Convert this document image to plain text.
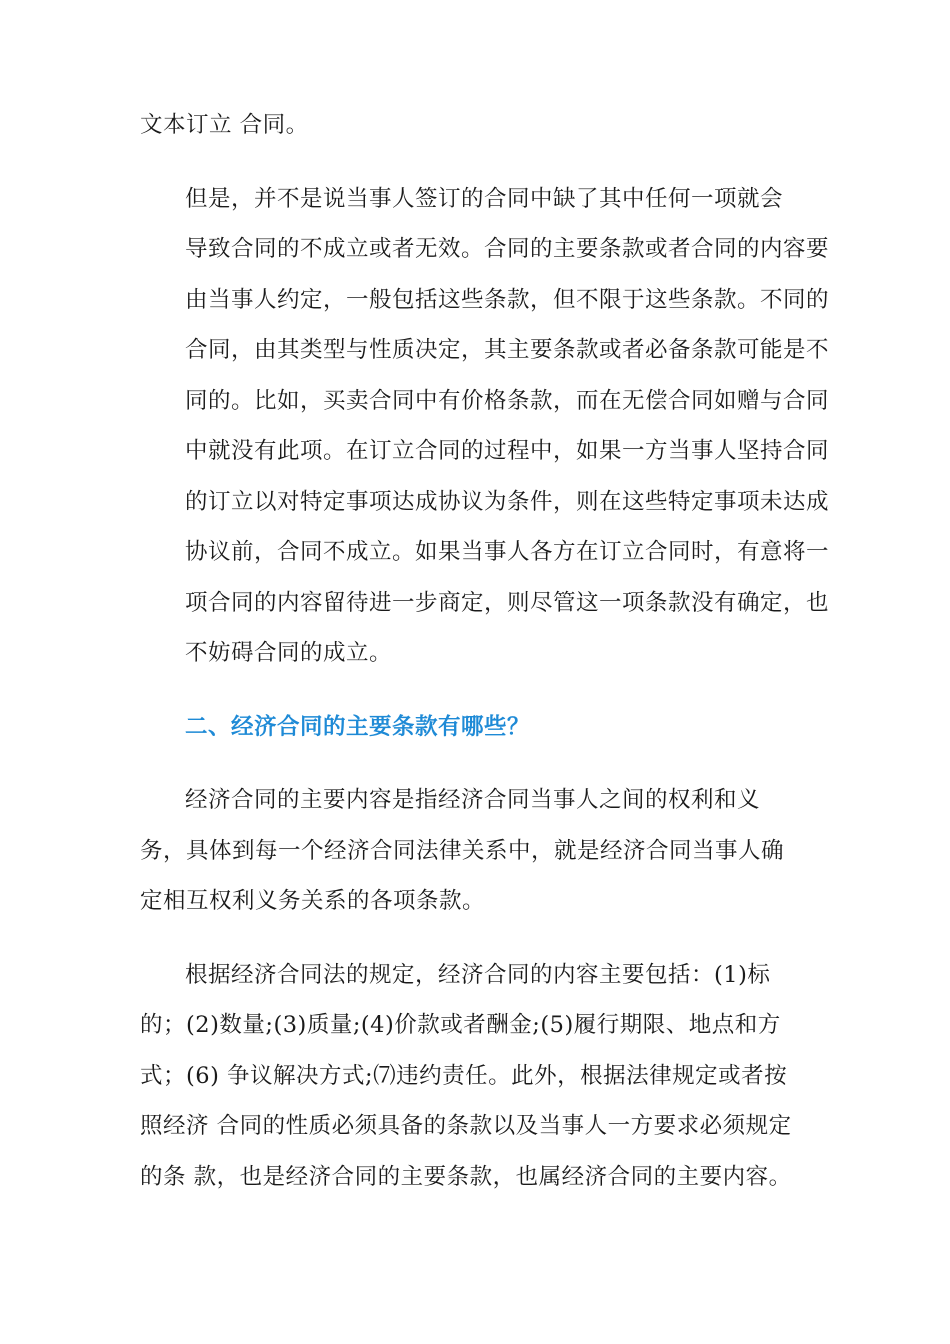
文本订立 合同。

但是，并不是说当事人签订的合同中缺了其中任何一项就会
导致合同的不成立或者无效。合同的主要条款或者合同的内容要
由当事人约定，一般包括这些条款，但不限于这些条款。不同的
合同，由其类型与性质决定，其主要条款或者必备条款可能是不
同的。比如，买卖合同中有价格条款，而在无偿合同如赠与合同
中就没有此项。在订立合同的过程中，如果一方当事人坚持合同
的订立以对特定事项达成协议为条件，则在这些特定事项未达成
协议前，合同不成立。如果当事人各方在订立合同时，有意将一
项合同的内容留待进一步商定，则尽管这一项条款没有确定，也
不妨碍合同的成立。

二、经济合同的主要条款有哪些？

经济合同的主要内容是指经济合同当事人之间的权利和义
务，具体到每一个经济合同法律关系中，就是经济合同当事人确
定相互权利义务关系的各项条款。

根据经济合同法的规定，经济合同的内容主要包括：(1)标
的；(2)数量;(3)质量;(4)价款或者酬金;(5)履行期限、地点和方
式；(6) 争议解决方式;⑺违约责任。此外，根据法律规定或者按
照经济 合同的性质必须具备的条款以及当事人一方要求必须规定
的条 款，也是经济合同的主要条款，也属经济合同的主要内容。
